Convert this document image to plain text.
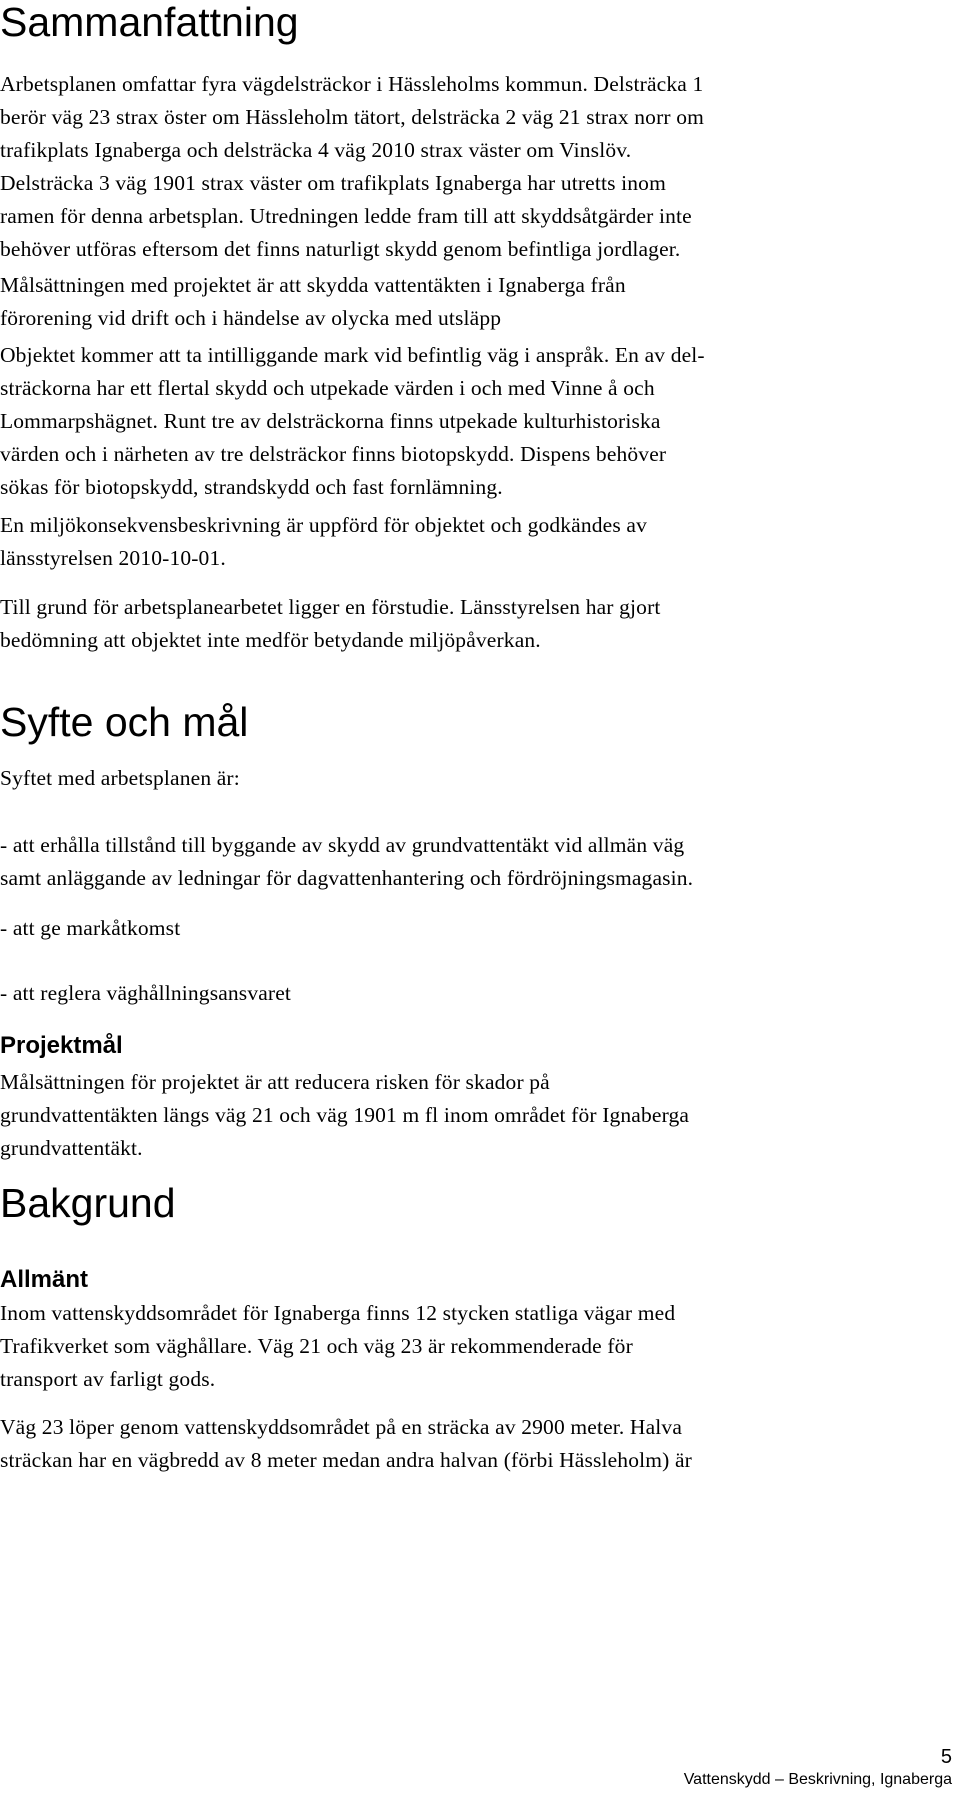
Sammanfattning
Arbetsplanen omfattar fyra vägdelsträckor i Hässleholms kommun. Delsträcka 1
berör väg 23 strax öster om Hässleholm tätort, delsträcka 2 väg 21 strax norr om
trafikplats Ignaberga och delsträcka 4 väg 2010 strax väster om Vinslöv.
Delsträcka 3 väg 1901 strax väster om trafikplats Ignaberga har utretts inom
ramen för denna arbetsplan. Utredningen ledde fram till att skyddsåtgärder inte
behöver utföras eftersom det finns naturligt skydd genom befintliga jordlager.
Målsättningen med projektet är att skydda vattentäkten i Ignaberga från
förorening vid drift och i händelse av olycka med utsläpp
Objektet kommer att ta intilliggande mark vid befintlig väg i anspråk. En av del-
sträckorna har ett flertal skydd och utpekade värden i och med Vinne å och
Lommarpshägnet. Runt tre av delsträckorna finns utpekade kulturhistoriska
värden och i närheten av tre delsträckor finns biotopskydd. Dispens behöver
sökas för biotopskydd, strandskydd och fast fornlämning.
En miljökonsekvensbeskrivning är uppförd för objektet och godkändes av
länsstyrelsen 2010-10-01.
Till grund för arbetsplanearbetet ligger en förstudie. Länsstyrelsen har gjort
bedömning att objektet inte medför betydande miljöpåverkan.
Syfte och mål
Syftet med arbetsplanen är:
- att erhålla tillstånd till byggande av skydd av grundvattentäkt vid allmän väg
samt anläggande av ledningar för dagvattenhantering och fördröjningsmagasin.
- att ge markåtkomst
- att reglera väghållningsansvaret
Projektmål
Målsättningen för projektet är att reducera risken för skador på
grundvattentäkten längs väg 21 och väg 1901 m fl inom området för Ignaberga
grundvattentäkt.
Bakgrund
Allmänt
Inom vattenskyddsområdet för Ignaberga finns 12 stycken statliga vägar med
Trafikverket som väghållare. Väg 21 och väg 23 är rekommenderade för
transport av farligt gods.
Väg 23 löper genom vattenskyddsområdet på en sträcka av 2900 meter. Halva
sträckan har en vägbredd av 8 meter medan andra halvan (förbi Hässleholm) är
5
Vattenskydd – Beskrivning, Ignaberga
